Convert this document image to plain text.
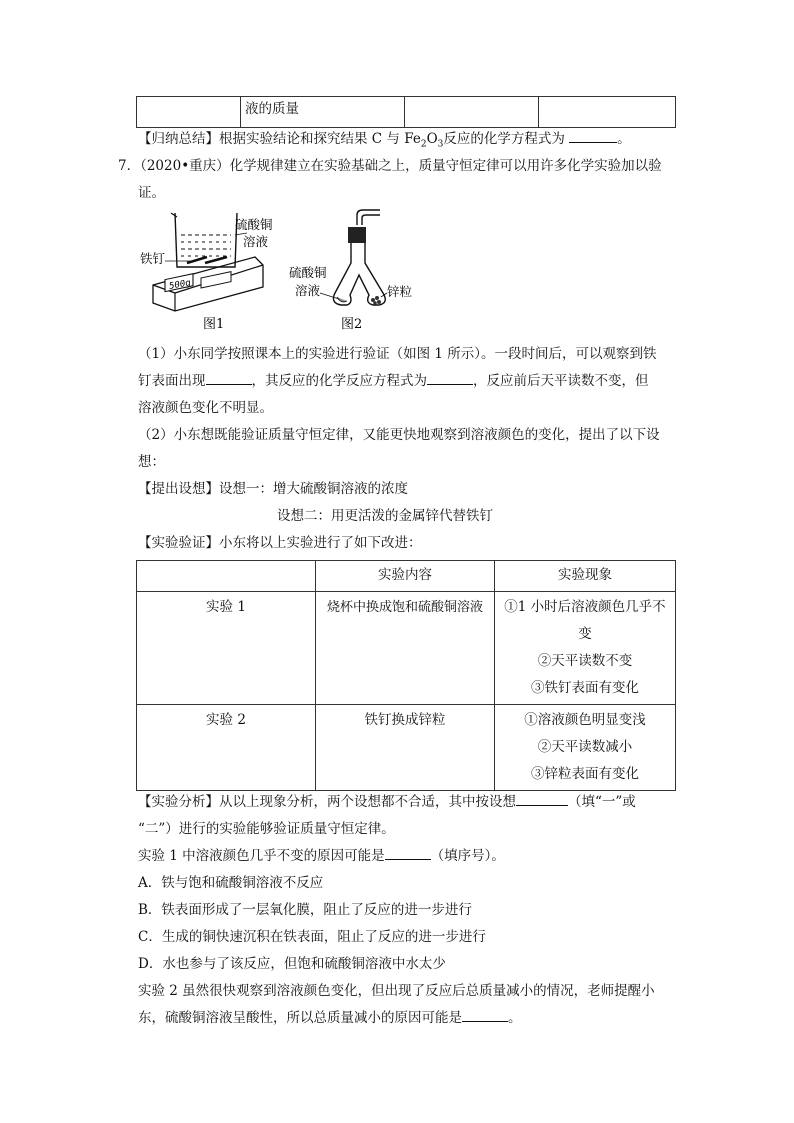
	液的质量		
【归纳总结】根据实验结论和探究结果 C 与 $Fe_2O_3$反应的化学方程式为	。
7．（2020•重庆）化学规律建立在实验基础之上，质量守恒定律可以用许多化学实验加以验
证。
500g
硫酸铜
溶液
铁钉
图1
硫酸铜
溶液	锌粒
图2
（1）小东同学按照课本上的实验进行验证（如图 1 所示）。一段时间后，可以观察到铁
钉表面出现	，其反应的化学反应方程式为	，反应前后天平读数不变，但
溶液颜色变化不明显。
（2）小东想既能验证质量守恒定律，又能更快地观察到溶液颜色的变化，提出了以下设
想：
【提出设想】设想一：增大硫酸铜溶液的浓度
设想二：用更活泼的金属锌代替铁钉
【实验验证】小东将以上实验进行了如下改进：
	实验内容	实验现象

实验 1	烧杯中换成饱和硫酸铜溶液	①1 小时后溶液颜色几乎不
变
②天平读数不变
③铁钉表面有变化

实验 2	铁钉换成锌粒	①溶液颜色明显变浅
②天平读数减小
③锌粒表面有变化
【实验分析】从以上现象分析，两个设想都不合适，其中按设想	（填“一”或
“二”）进行的实验能够验证质量守恒定律。
实验 1 中溶液颜色几乎不变的原因可能是	（填序号）。
A．铁与饱和硫酸铜溶液不反应
B．铁表面形成了一层氧化膜，阻止了反应的进一步进行
C．生成的铜快速沉积在铁表面，阻止了反应的进一步进行
D．水也参与了该反应，但饱和硫酸铜溶液中水太少
实验 2 虽然很快观察到溶液颜色变化，但出现了反应后总质量减小的情况，老师提醒小
东，硫酸铜溶液呈酸性，所以总质量减小的原因可能是	。
